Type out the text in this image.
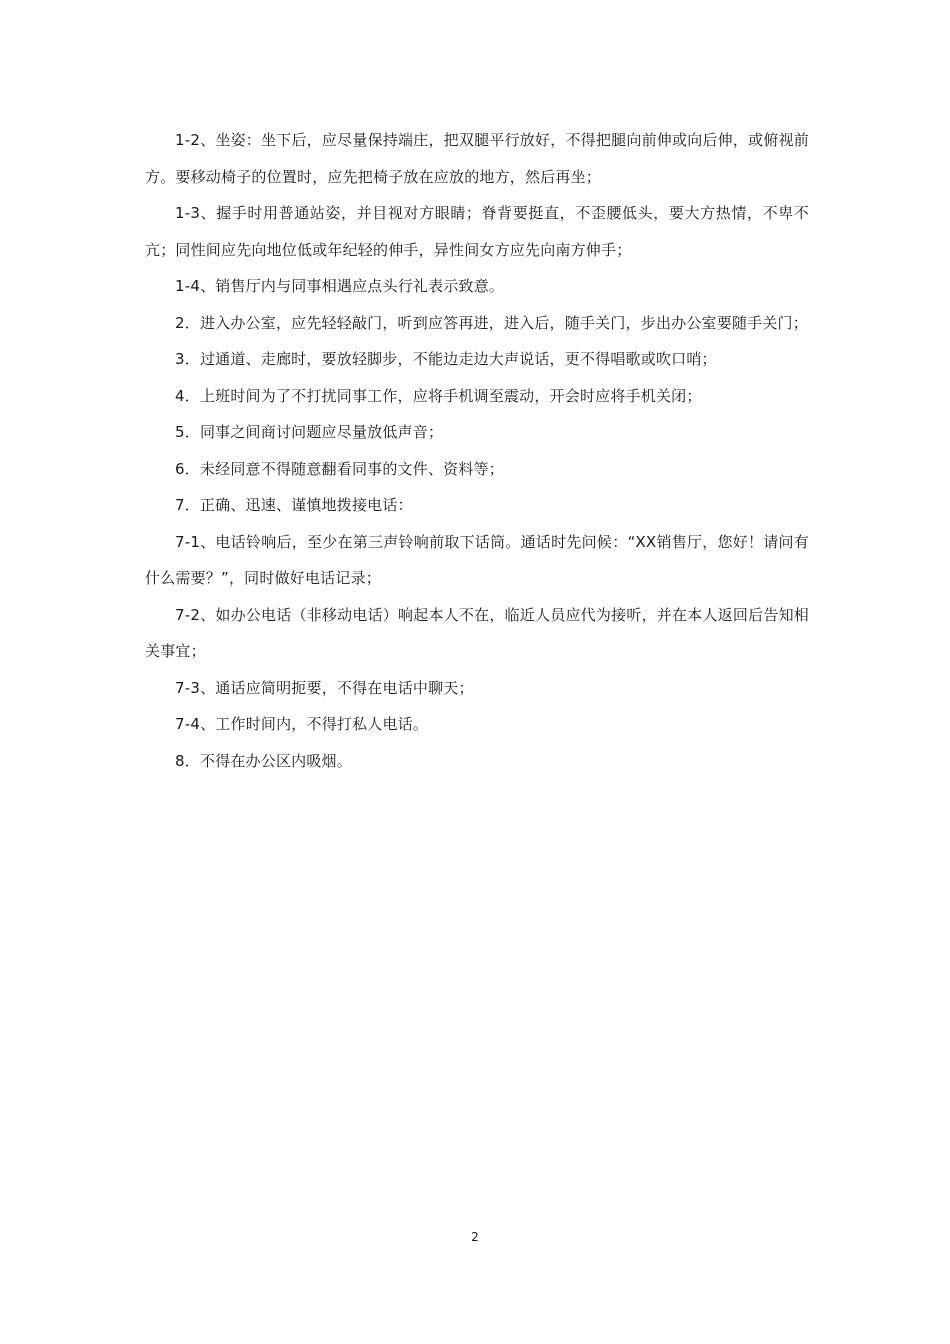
1-2、坐姿：坐下后，应尽量保持端庄，把双腿平行放好，不得把腿向前伸或向后伸，或俯视前方。要移动椅子的位置时，应先把椅子放在应放的地方，然后再坐；

1-3、握手时用普通站姿，并目视对方眼睛；脊背要挺直，不歪腰低头，要大方热情，不卑不亢；同性间应先向地位低或年纪轻的伸手，异性间女方应先向南方伸手；

1-4、销售厅内与同事相遇应点头行礼表示致意。

2．进入办公室，应先轻轻敲门，听到应答再进，进入后，随手关门，步出办公室要随手关门；

3．过通道、走廊时，要放轻脚步，不能边走边大声说话，更不得唱歌或吹口哨；

4．上班时间为了不打扰同事工作，应将手机调至震动，开会时应将手机关闭；

5．同事之间商讨问题应尽量放低声音；

6．未经同意不得随意翻看同事的文件、资料等；

7．正确、迅速、谨慎地拨接电话：

7-1、电话铃响后，至少在第三声铃响前取下话筒。通话时先问候：“XX销售厅，您好！请问有什么需要？”，同时做好电话记录；

7-2、如办公电话（非移动电话）响起本人不在，临近人员应代为接听，并在本人返回后告知相关事宜；

7-3、通话应简明扼要，不得在电话中聊天；

7-4、工作时间内，不得打私人电话。

8．不得在办公区内吸烟。

2
